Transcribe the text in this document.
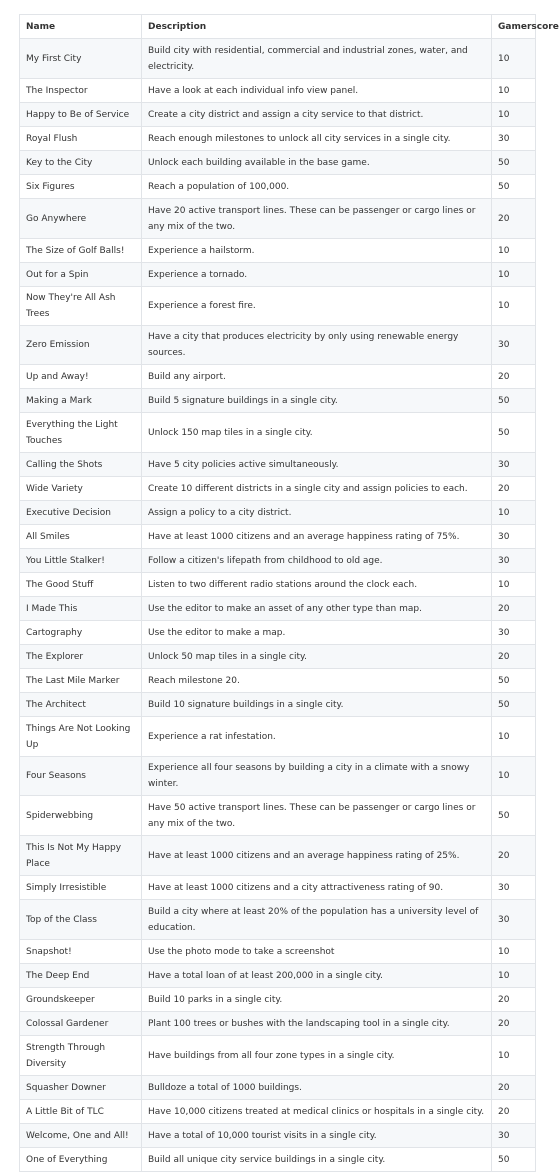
Name	Description	Gamerscore
My First City	Build city with residential, commercial and industrial zones, water, and electricity.	10
The Inspector	Have a look at each individual info view panel.	10
Happy to Be of Service	Create a city district and assign a city service to that district.	10
Royal Flush	Reach enough milestones to unlock all city services in a single city.	30
Key to the City	Unlock each building available in the base game.	50
Six Figures	Reach a population of 100,000.	50
Go Anywhere	Have 20 active transport lines. These can be passenger or cargo lines or any mix of the two.	20
The Size of Golf Balls!	Experience a hailstorm.	10
Out for a Spin	Experience a tornado.	10
Now They're All Ash Trees	Experience a forest fire.	10
Zero Emission	Have a city that produces electricity by only using renewable energy sources.	30
Up and Away!	Build any airport.	20
Making a Mark	Build 5 signature buildings in a single city.	50
Everything the Light Touches	Unlock 150 map tiles in a single city.	50
Calling the Shots	Have 5 city policies active simultaneously.	30
Wide Variety	Create 10 different districts in a single city and assign policies to each.	20
Executive Decision	Assign a policy to a city district.	10
All Smiles	Have at least 1000 citizens and an average happiness rating of 75%.	30
You Little Stalker!	Follow a citizen's lifepath from childhood to old age.	30
The Good Stuff	Listen to two different radio stations around the clock each.	10
I Made This	Use the editor to make an asset of any other type than map.	20
Cartography	Use the editor to make a map.	30
The Explorer	Unlock 50 map tiles in a single city.	20
The Last Mile Marker	Reach milestone 20.	50
The Architect	Build 10 signature buildings in a single city.	50
Things Are Not Looking Up	Experience a rat infestation.	10
Four Seasons	Experience all four seasons by building a city in a climate with a snowy winter.	10
Spiderwebbing	Have 50 active transport lines. These can be passenger or cargo lines or any mix of the two.	50
This Is Not My Happy Place	Have at least 1000 citizens and an average happiness rating of 25%.	20
Simply Irresistible	Have at least 1000 citizens and a city attractiveness rating of 90.	30
Top of the Class	Build a city where at least 20% of the population has a university level of education.	30
Snapshot!	Use the photo mode to take a screenshot	10
The Deep End	Have a total loan of at least 200,000 in a single city.	10
Groundskeeper	Build 10 parks in a single city.	20
Colossal Gardener	Plant 100 trees or bushes with the landscaping tool in a single city.	20
Strength Through Diversity	Have buildings from all four zone types in a single city.	10
Squasher Downer	Bulldoze a total of 1000 buildings.	20
A Little Bit of TLC	Have 10,000 citizens treated at medical clinics or hospitals in a single city.	20
Welcome, One and All!	Have a total of 10,000 tourist visits in a single city.	30
One of Everything	Build all unique city service buildings in a single city.	50
